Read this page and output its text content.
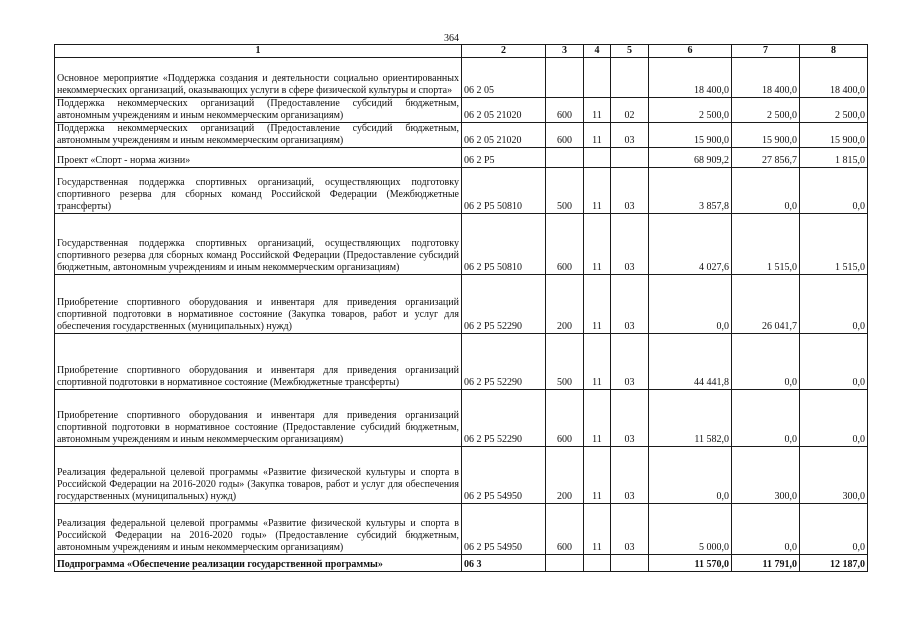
364
1	2	3	4	5	6	7	8
Основное мероприятие «Поддержка создания и деятельности социально ориентированных некоммерческих организаций, оказывающих услуги в сфере физической культуры и спорта»	06 2 05				18 400,0	18 400,0	18 400,0
Поддержка некоммерческих организаций (Предоставление субсидий бюджетным, автономным учреждениям и иным некоммерческим организациям)	06 2 05 21020	600	11	02	2 500,0	2 500,0	2 500,0
Поддержка некоммерческих организаций (Предоставление субсидий бюджетным, автономным учреждениям и иным некоммерческим организациям)	06 2 05 21020	600	11	03	15 900,0	15 900,0	15 900,0
Проект «Спорт - норма жизни»	06 2 P5				68 909,2	27 856,7	1 815,0
Государственная поддержка спортивных организаций, осуществляющих подготовку спортивного резерва для сборных команд Российской Федерации (Межбюджетные трансферты)	06 2 P5 50810	500	11	03	3 857,8	0,0	0,0
Государственная поддержка спортивных организаций, осуществляющих подготовку спортивного резерва для сборных команд Российской Федерации (Предоставление субсидий бюджетным, автономным учреждениям и иным некоммерческим организациям)	06 2 P5 50810	600	11	03	4 027,6	1 515,0	1 515,0
Приобретение спортивного оборудования и инвентаря для приведения организаций спортивной подготовки в нормативное состояние (Закупка товаров, работ и услуг для обеспечения государственных (муниципальных) нужд)	06 2 P5 52290	200	11	03	0,0	26 041,7	0,0
Приобретение спортивного оборудования и инвентаря для приведения организаций спортивной подготовки в нормативное состояние (Межбюджетные трансферты)	06 2 P5 52290	500	11	03	44 441,8	0,0	0,0
Приобретение спортивного оборудования и инвентаря для приведения организаций спортивной подготовки в нормативное состояние (Предоставление субсидий бюджетным, автономным учреждениям и иным некоммерческим организациям)	06 2 P5 52290	600	11	03	11 582,0	0,0	0,0
Реализация федеральной целевой программы «Развитие физической культуры и спорта в Российской Федерации на 2016-2020 годы» (Закупка товаров, работ и услуг для обеспечения государственных (муниципальных) нужд)	06 2 P5 54950	200	11	03	0,0	300,0	300,0
Реализация федеральной целевой программы «Развитие физической культуры и спорта в Российской Федерации на 2016-2020 годы» (Предоставление субсидий бюджетным, автономным учреждениям и иным некоммерческим организациям)	06 2 P5 54950	600	11	03	5 000,0	0,0	0,0
Подпрограмма «Обеспечение реализации государственной программы»	06 3				11 570,0	11 791,0	12 187,0
